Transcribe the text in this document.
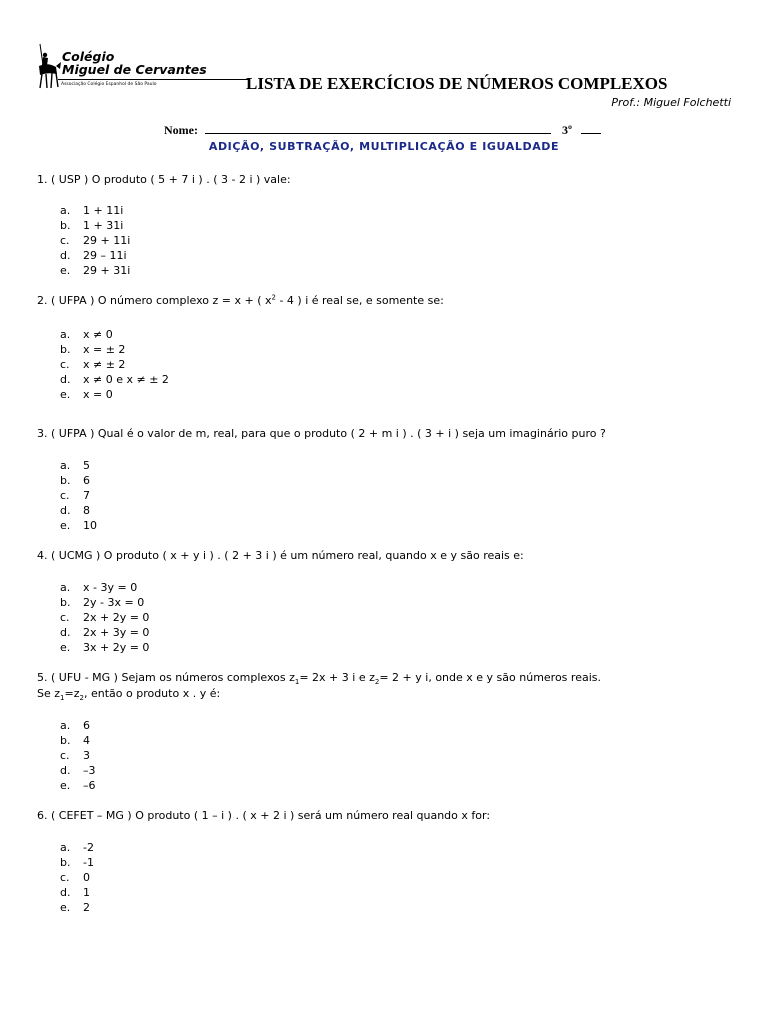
Colégio
Miguel de Cervantes
Associação Colégio Espanhol de São Paulo	LISTA DE EXERCÍCIOS DE NÚMEROS COMPLEXOS
Prof.: Miguel Folchetti
Nome:	3º
ADIÇÃO, SUBTRAÇÃO, MULTIPLICAÇÃO E IGUALDADE
1. ( USP ) O produto ( 5 + 7 i ) . ( 3 - 2 i ) vale:
a. 1 + 11i
b. 1 + 31i
c. 29 + 11i
d. 29 – 11i
e. 29 + 31i
2. ( UFPA ) O número complexo z = x + ( $x^2 - 4$ ) i é real se, e somente se:
a. x ≠ 0
b. x = ± 2
c. x ≠ ± 2
d. x ≠ 0 e x ≠ ± 2
e. x = 0
3. ( UFPA ) Qual é o valor de m, real, para que o produto ( 2 + m i ) . ( 3 + i ) seja um imaginário puro ?
a. 5
b. 6
c. 7
d. 8
e. 10
4. ( UCMG ) O produto ( x + y i ) . ( 2 + 3 i ) é um número real, quando x e y são reais e:
a. x - 3y = 0
b. 2y - 3x = 0
c. 2x + 2y = 0
d. 2x + 3y = 0
e. 3x + 2y = 0
5. ( UFU - MG ) Sejam os números complexos $z_1= 2x + 3$ i e $z_2= 2 + y$ i, onde x e y são números reais.
Se $z_1=z_2$, então o produto x . y é:
a. 6
b. 4
c. 3
d. –3
e. –6
6. ( CEFET – MG ) O produto ( 1 – i ) . ( x + 2 i ) será um número real quando x for:
a. -2
b. -1
c. 0
d. 1
e. 2
